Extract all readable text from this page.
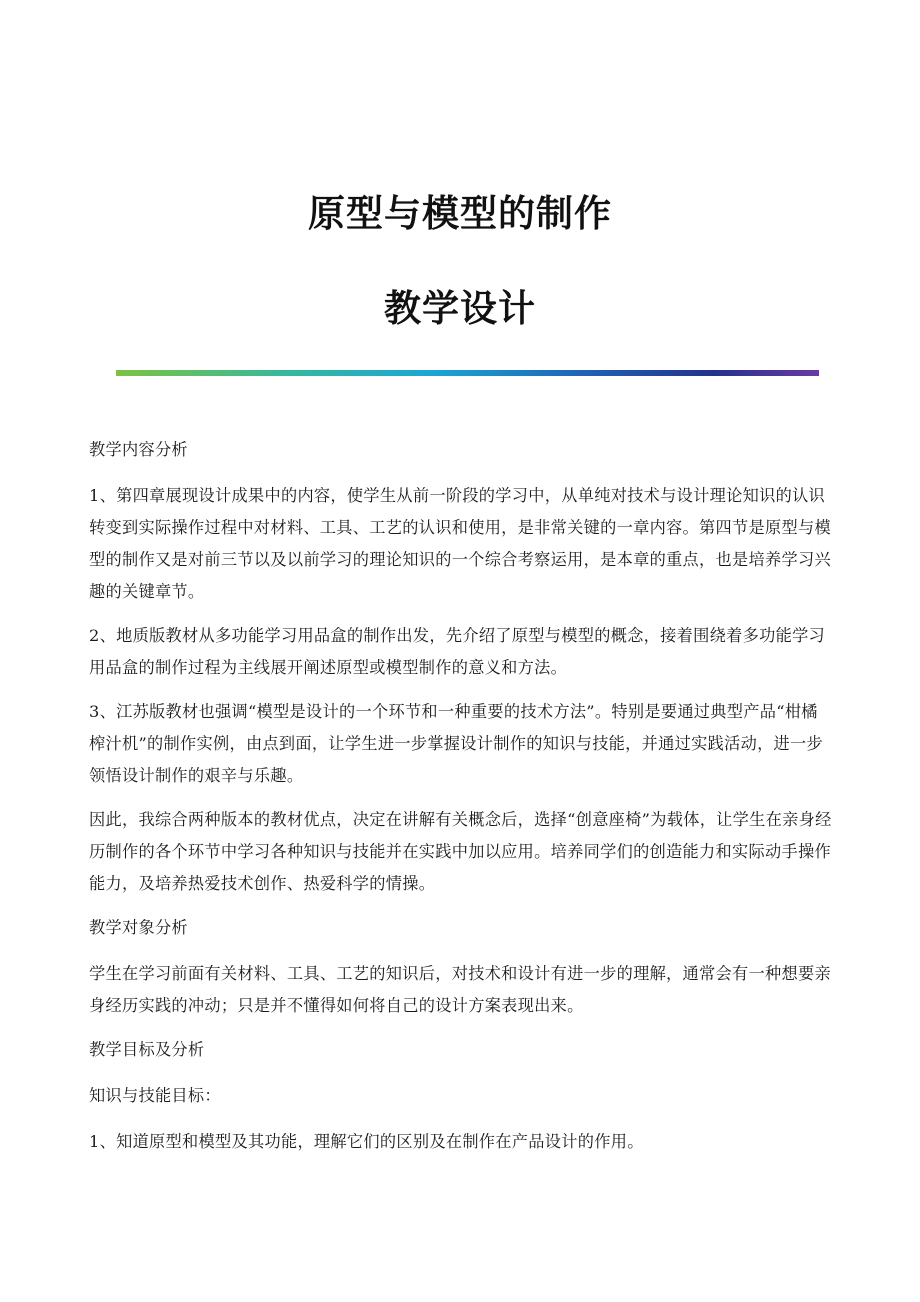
原型与模型的制作
教学设计

教学内容分析

1、第四章展现设计成果中的内容，使学生从前一阶段的学习中，从单纯对技术与设计理论知识的认识转变到实际操作过程中对材料、工具、工艺的认识和使用，是非常关键的一章内容。第四节是原型与模型的制作又是对前三节以及以前学习的理论知识的一个综合考察运用，是本章的重点，也是培养学习兴趣的关键章节。

2、地质版教材从多功能学习用品盒的制作出发，先介绍了原型与模型的概念，接着围绕着多功能学习用品盒的制作过程为主线展开阐述原型或模型制作的意义和方法。

3、江苏版教材也强调“模型是设计的一个环节和一种重要的技术方法”。特别是要通过典型产品“柑橘榨汁机”的制作实例，由点到面，让学生进一步掌握设计制作的知识与技能，并通过实践活动，进一步领悟设计制作的艰辛与乐趣。

因此，我综合两种版本的教材优点，决定在讲解有关概念后，选择“创意座椅”为载体，让学生在亲身经历制作的各个环节中学习各种知识与技能并在实践中加以应用。培养同学们的创造能力和实际动手操作能力，及培养热爱技术创作、热爱科学的情操。

教学对象分析

学生在学习前面有关材料、工具、工艺的知识后，对技术和设计有进一步的理解，通常会有一种想要亲身经历实践的冲动；只是并不懂得如何将自己的设计方案表现出来。

教学目标及分析

知识与技能目标：

1、知道原型和模型及其功能，理解它们的区别及在制作在产品设计的作用。
